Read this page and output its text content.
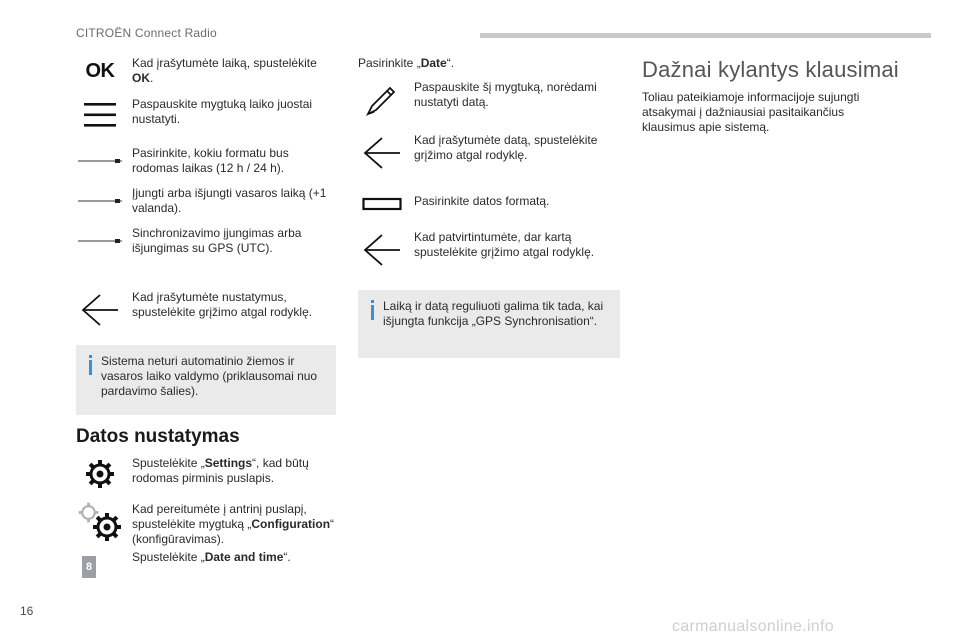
CITROËN Connect Radio
16
carmanualsonline.info
OK	Kad įrašytumėte laiką, spustelėkite OK.
Paspauskite mygtuką laiko juostai nustatyti.
Pasirinkite, kokiu formatu bus rodomas laikas (12 h / 24 h).
Įjungti arba išjungti vasaros laiką (+1 valanda).
Sinchronizavimo įjungimas arba išjungimas su GPS (UTC).
Kad įrašytumėte nustatymus, spustelėkite grįžimo atgal rodyklę.
Sistema neturi automatinio žiemos ir vasaros laiko valdymo (priklausomai nuo pardavimo šalies).
Datos nustatymas
Spustelėkite „Settings“, kad būtų rodomas pirminis puslapis.
Kad pereitumėte į antrinį puslapį, spustelėkite mygtuką „Configuration“ (konfigūravimas).
8
Spustelėkite „Date and time“.
Pasirinkite „Date“.
Paspauskite šį mygtuką, norėdami nustatyti datą.
Kad įrašytumėte datą, spustelėkite grįžimo atgal rodyklę.
Pasirinkite datos formatą.
Kad patvirtintumėte, dar kartą spustelėkite grįžimo atgal rodyklę.
Laiką ir datą reguliuoti galima tik tada, kai išjungta funkcija „GPS Synchronisation“.
Dažnai kylantys klausimai
Toliau pateikiamoje informacijoje sujungti atsakymai į dažniausiai pasitaikančius klausimus apie sistemą.
